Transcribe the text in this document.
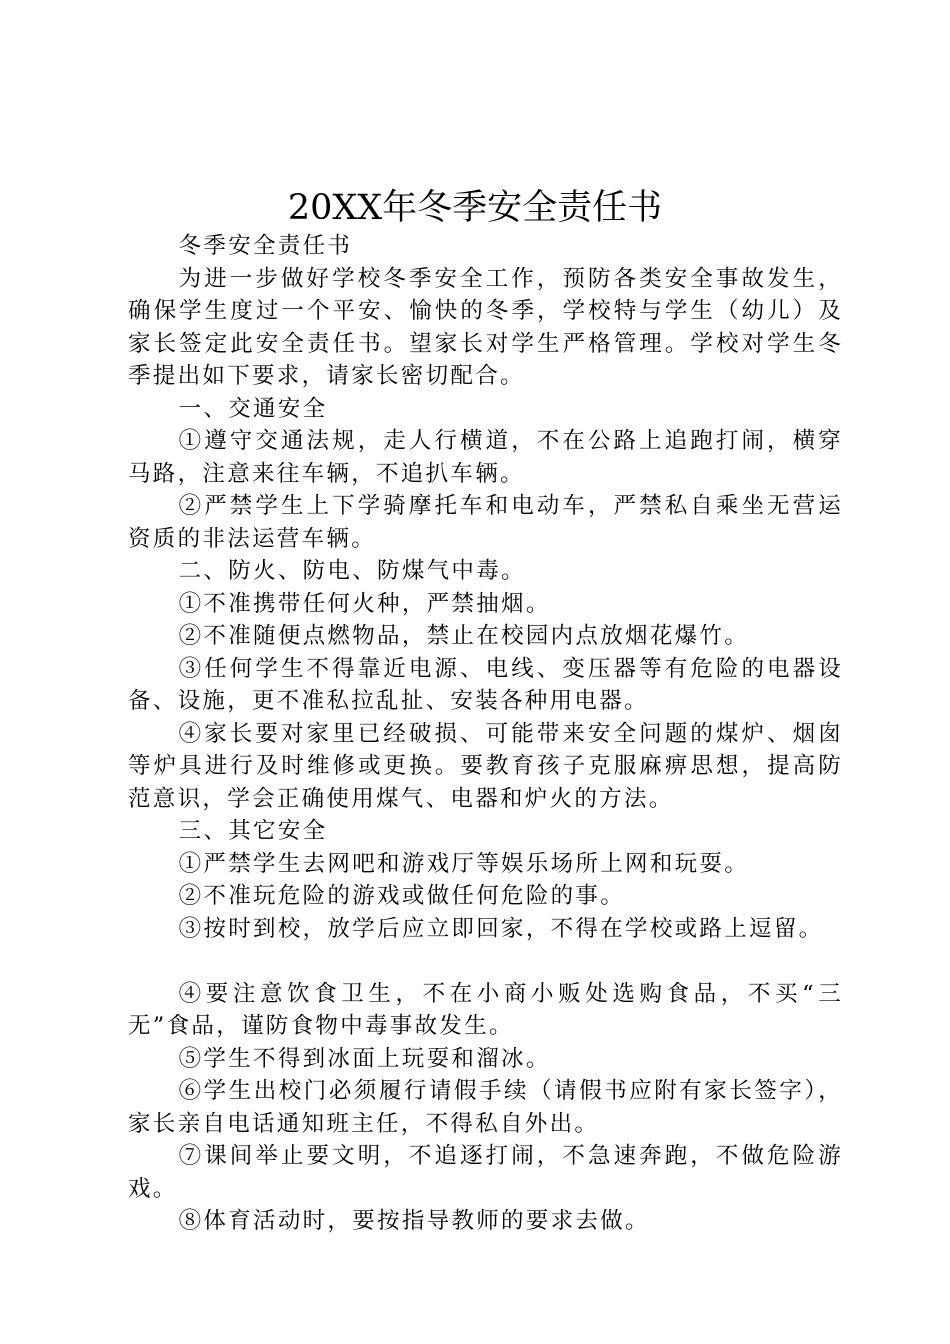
20XX年冬季安全责任书

冬季安全责任书

为进一步做好学校冬季安全工作，预防各类安全事故发生，确保学生度过一个平安、愉快的冬季，学校特与学生（幼儿）及家长签定此安全责任书。望家长对学生严格管理。学校对学生冬季提出如下要求，请家长密切配合。

一、交通安全

①遵守交通法规，走人行横道，不在公路上追跑打闹，横穿马路，注意来往车辆，不追扒车辆。

②严禁学生上下学骑摩托车和电动车，严禁私自乘坐无营运资质的非法运营车辆。

二、防火、防电、防煤气中毒。

①不准携带任何火种，严禁抽烟。

②不准随便点燃物品，禁止在校园内点放烟花爆竹。

③任何学生不得靠近电源、电线、变压器等有危险的电器设备、设施，更不准私拉乱扯、安装各种用电器。

④家长要对家里已经破损、可能带来安全问题的煤炉、烟囱等炉具进行及时维修或更换。要教育孩子克服麻痹思想，提高防范意识，学会正确使用煤气、电器和炉火的方法。

三、其它安全

①严禁学生去网吧和游戏厅等娱乐场所上网和玩耍。

②不准玩危险的游戏或做任何危险的事。

③按时到校，放学后应立即回家，不得在学校或路上逗留。

④要注意饮食卫生，不在小商小贩处选购食品，不买“三无”食品，谨防食物中毒事故发生。

⑤学生不得到冰面上玩耍和溜冰。

⑥学生出校门必须履行请假手续（请假书应附有家长签字），家长亲自电话通知班主任，不得私自外出。

⑦课间举止要文明，不追逐打闹，不急速奔跑，不做危险游戏。

⑧体育活动时，要按指导教师的要求去做。
